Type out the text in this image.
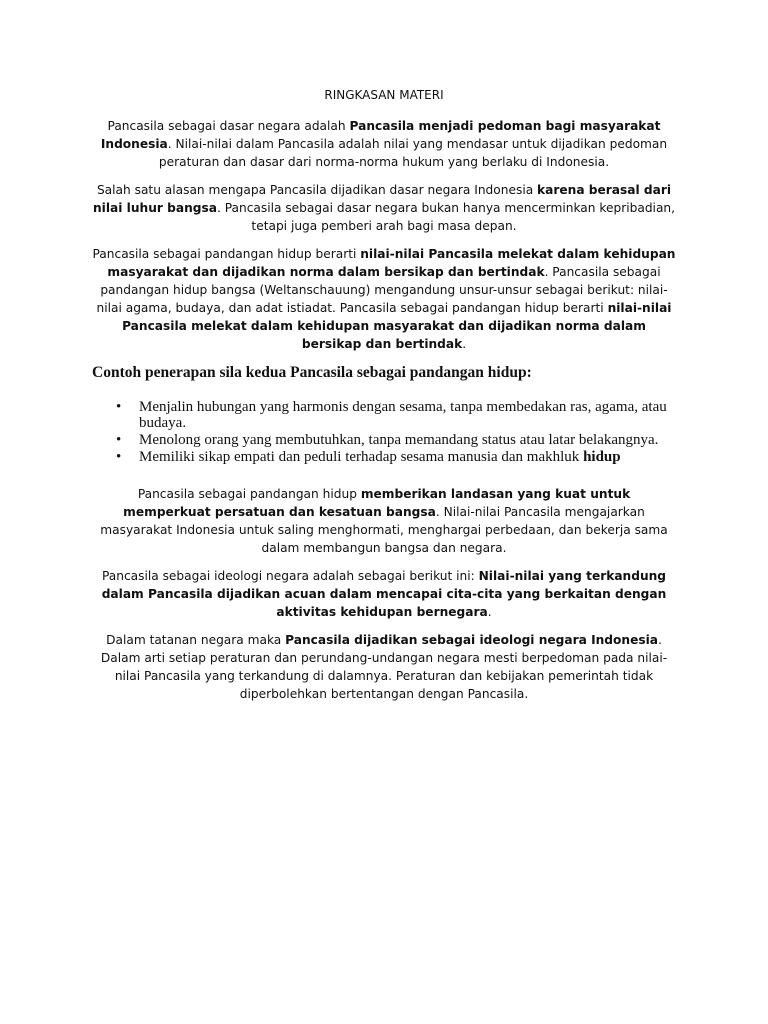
RINGKASAN MATERI

Pancasila sebagai dasar negara adalah Pancasila menjadi pedoman bagi masyarakat Indonesia. Nilai-nilai dalam Pancasila adalah nilai yang mendasar untuk dijadikan pedoman peraturan dan dasar dari norma-norma hukum yang berlaku di Indonesia.

Salah satu alasan mengapa Pancasila dijadikan dasar negara Indonesia karena berasal dari nilai luhur bangsa. Pancasila sebagai dasar negara bukan hanya mencerminkan kepribadian, tetapi juga pemberi arah bagi masa depan.

Pancasila sebagai pandangan hidup berarti nilai-nilai Pancasila melekat dalam kehidupan masyarakat dan dijadikan norma dalam bersikap dan bertindak. Pancasila sebagai pandangan hidup bangsa (Weltanschauung) mengandung unsur-unsur sebagai berikut: nilai-nilai agama, budaya, dan adat istiadat. Pancasila sebagai pandangan hidup berarti nilai-nilai Pancasila melekat dalam kehidupan masyarakat dan dijadikan norma dalam bersikap dan bertindak.

Contoh penerapan sila kedua Pancasila sebagai pandangan hidup:
• Menjalin hubungan yang harmonis dengan sesama, tanpa membedakan ras, agama, atau budaya.
• Menolong orang yang membutuhkan, tanpa memandang status atau latar belakangnya.
• Memiliki sikap empati dan peduli terhadap sesama manusia dan makhluk hidup

Pancasila sebagai pandangan hidup memberikan landasan yang kuat untuk memperkuat persatuan dan kesatuan bangsa. Nilai-nilai Pancasila mengajarkan masyarakat Indonesia untuk saling menghormati, menghargai perbedaan, dan bekerja sama dalam membangun bangsa dan negara.

Pancasila sebagai ideologi negara adalah sebagai berikut ini: Nilai-nilai yang terkandung dalam Pancasila dijadikan acuan dalam mencapai cita-cita yang berkaitan dengan aktivitas kehidupan bernegara.

Dalam tatanan negara maka Pancasila dijadikan sebagai ideologi negara Indonesia. Dalam arti setiap peraturan dan perundang-undangan negara mesti berpedoman pada nilai-nilai Pancasila yang terkandung di dalamnya. Peraturan dan kebijakan pemerintah tidak diperbolehkan bertentangan dengan Pancasila.
